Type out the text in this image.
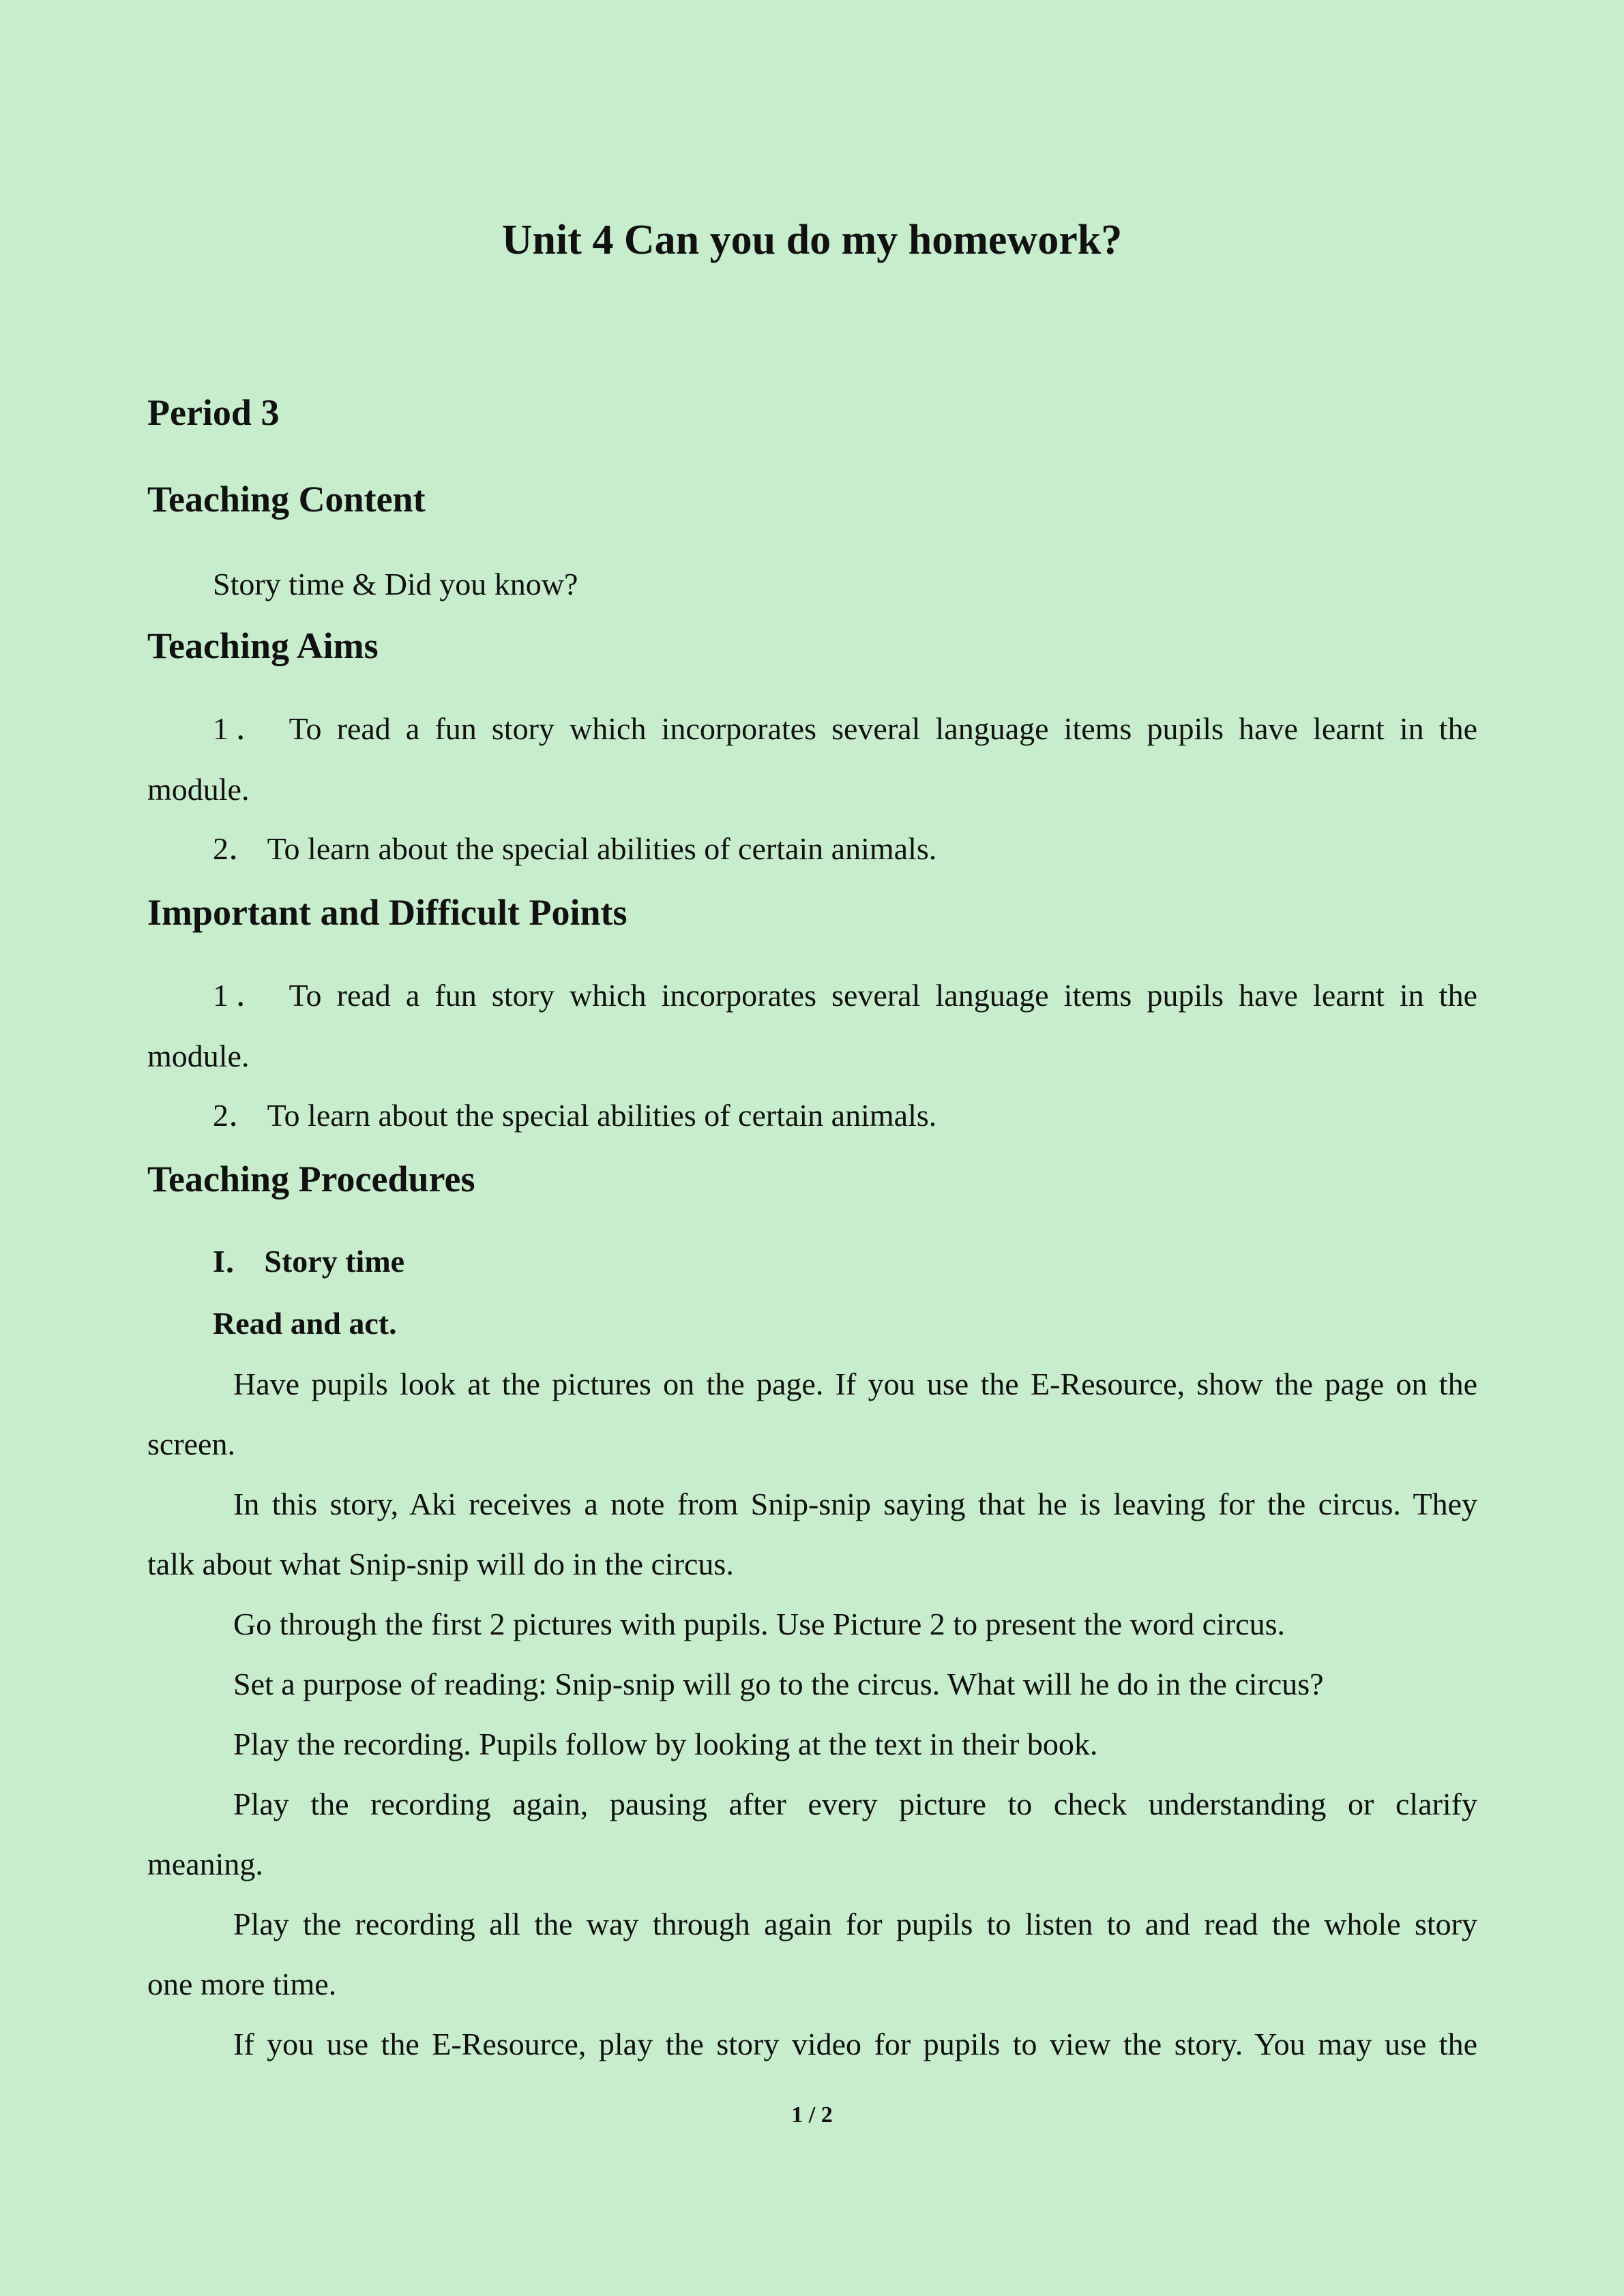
Unit 4 Can you do my homework?
Period 3
Teaching Content
Story time & Did you know?
Teaching Aims
1． To read a fun story which incorporates several language items pupils have learnt in the
module.
2． To learn about the special abilities of certain animals.
Important and Difficult Points
1． To read a fun story which incorporates several language items pupils have learnt in the
module.
2． To learn about the special abilities of certain animals.
Teaching Procedures
I． Story time
Read and act.
Have pupils look at the pictures on the page. If you use the E-Resource, show the page on the
screen.
In this story, Aki receives a note from Snip-snip saying that he is leaving for the circus. They
talk about what Snip-snip will do in the circus.
Go through the first 2 pictures with pupils. Use Picture 2 to present the word circus.
Set a purpose of reading: Snip-snip will go to the circus. What will he do in the circus?
Play the recording. Pupils follow by looking at the text in their book.
Play the recording again, pausing after every picture to check understanding or clarify
meaning.
Play the recording all the way through again for pupils to listen to and read the whole story
one more time.
If you use the E-Resource, play the story video for pupils to view the story. You may use the
1 / 2
